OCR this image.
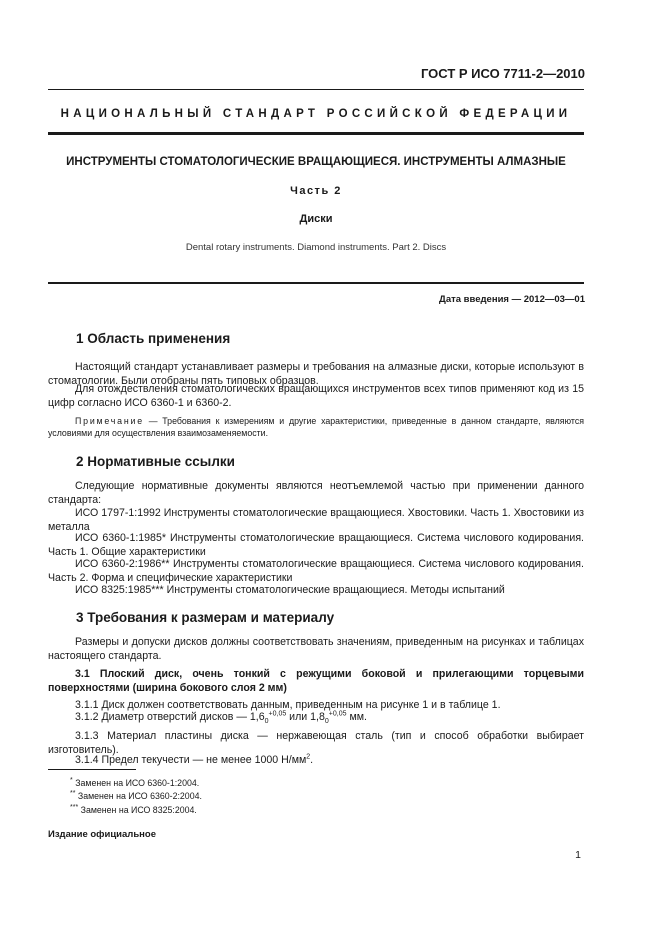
ГОСТ Р ИСО 7711-2—2010
НАЦИОНАЛЬНЫЙ СТАНДАРТ РОССИЙСКОЙ ФЕДЕРАЦИИ
ИНСТРУМЕНТЫ СТОМАТОЛОГИЧЕСКИЕ ВРАЩАЮЩИЕСЯ. ИНСТРУМЕНТЫ АЛМАЗНЫЕ
Часть 2
Диски
Dental rotary instruments. Diamond instruments. Part 2. Discs
Дата введения — 2012—03—01
1 Область применения
Настоящий стандарт устанавливает размеры и требования на алмазные диски, которые используют в стоматологии. Были отобраны пять типовых образцов.
Для отождествления стоматологических вращающихся инструментов всех типов применяют код из 15 цифр согласно ИСО 6360-1 и 6360-2.
Примечание — Требования к измерениям и другие характеристики, приведенные в данном стандарте, являются условиями для осуществления взаимозаменяемости.
2 Нормативные ссылки
Следующие нормативные документы являются неотъемлемой частью при применении данного стандарта:
ИСО 1797-1:1992 Инструменты стоматологические вращающиеся. Хвостовики. Часть 1. Хвостовики из металла
ИСО 6360-1:1985* Инструменты стоматологические вращающиеся. Система числового кодирования. Часть 1. Общие характеристики
ИСО 6360-2:1986** Инструменты стоматологические вращающиеся. Система числового кодирования. Часть 2. Форма и специфические характеристики
ИСО 8325:1985*** Инструменты стоматологические вращающиеся. Методы испытаний
3 Требования к размерам и материалу
Размеры и допуски дисков должны соответствовать значениям, приведенным на рисунках и таблицах настоящего стандарта.
3.1 Плоский диск, очень тонкий с режущими боковой и прилегающими торцевыми поверхностями (ширина бокового слоя 2 мм)
3.1.1 Диск должен соответствовать данным, приведенным на рисунке 1 и в таблице 1.
3.1.2 Диаметр отверстий дисков — $1,6_0^{+0,05}$ или $1,8_0^{+0,05}$ мм.
3.1.3 Материал пластины диска — нержавеющая сталь (тип и способ обработки выбирает изготовитель).
3.1.4 Предел текучести — не менее 1000 $Н/мм^2$.
* Заменен на ИСО 6360-1:2004.
** Заменен на ИСО 6360-2:2004.
*** Заменен на ИСО 8325:2004.
Издание официальное
1
